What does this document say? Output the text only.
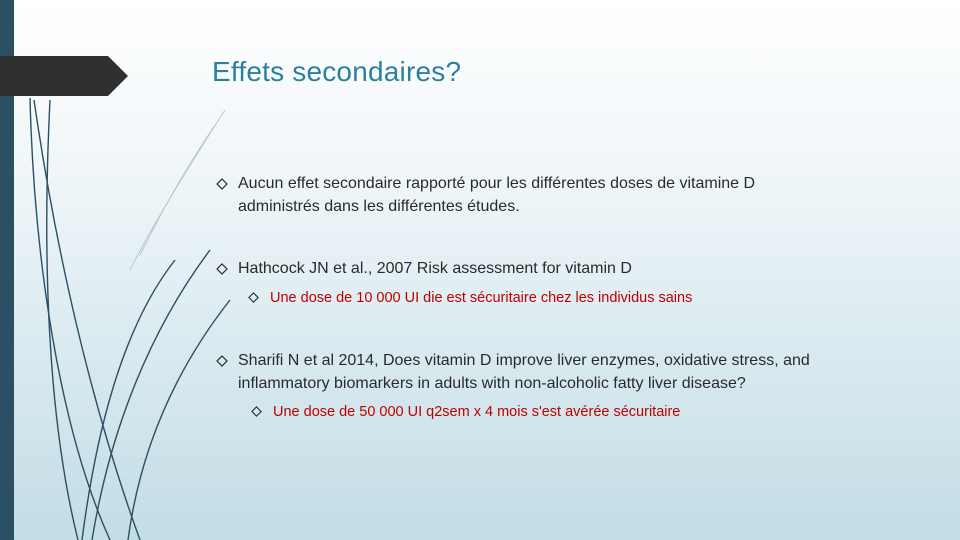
Effets secondaires?
Aucun effet secondaire rapporté pour les différentes doses de vitamine D
administrés dans les différentes études.
Hathcock JN et al., 2007 Risk assessment for vitamin D
Une dose de 10 000 UI die est sécuritaire chez les individus sains
Sharifi N et al 2014, Does vitamin D improve liver enzymes, oxidative stress, and
inflammatory biomarkers in adults with non-alcoholic fatty liver disease?
Une dose de 50 000 UI q2sem x 4 mois s'est avérée sécuritaire
